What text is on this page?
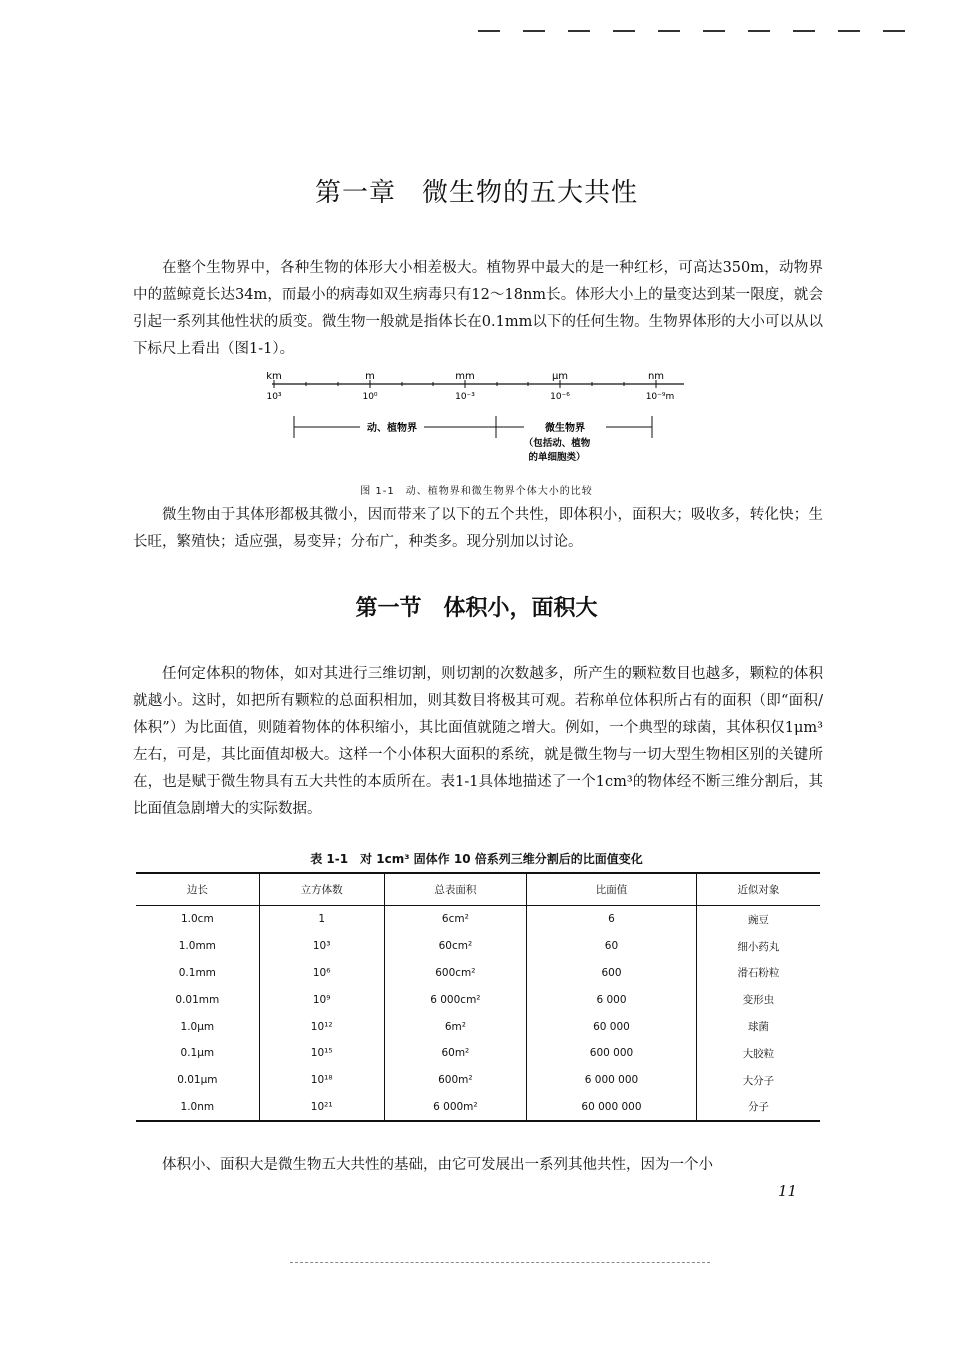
第一章 微生物的五大共性

在整个生物界中，各种生物的体形大小相差极大。植物界中最大的是一种红杉，可高达350m，动物界中的蓝鲸竟长达34m，而最小的病毒如双生病毒只有12～18nm长。体形大小上的量变达到某一限度，就会引起一系列其他性状的质变。微生物一般就是指体长在0.1mm以下的任何生物。生物界体形的大小可以从以下标尺上看出（图1-1）。

km	m	mm	μm	nm
10³	10⁰	10⁻³	10⁻⁶	10⁻⁹m
动、植物界	微生物界
（包括动、植物
的单细胞类）
图 1-1　动、植物界和微生物界个体大小的比较

微生物由于其体形都极其微小，因而带来了以下的五个共性，即体积小，面积大；吸收多，转化快；生长旺，繁殖快；适应强，易变异；分布广，种类多。现分别加以讨论。

第一节 体积小，面积大

任何定体积的物体，如对其进行三维切割，则切割的次数越多，所产生的颗粒数目也越多，颗粒的体积就越小。这时，如把所有颗粒的总面积相加，则其数目将极其可观。若称单位体积所占有的面积（即“面积/体积”）为比面值，则随着物体的体积缩小，其比面值就随之增大。例如，一个典型的球菌，其体积仅1μm³左右，可是，其比面值却极大。这样一个小体积大面积的系统，就是微生物与一切大型生物相区别的关键所在，也是赋于微生物具有五大共性的本质所在。表1-1具体地描述了一个1cm³的物体经不断三维分割后，其比面值急剧增大的实际数据。

表 1-1　对 1cm³ 固体作 10 倍系列三维分割后的比面值变化
边长	立方体数	总表面积	比面值	近似对象
1.0cm	1	6cm²	6	豌豆
1.0mm	10³	60cm²	60	细小药丸
0.1mm	10⁶	600cm²	600	滑石粉粒
0.01mm	10⁹	6 000cm²	6 000	变形虫
1.0μm	10¹²	6m²	60 000	球菌
0.1μm	10¹⁵	60m²	600 000	大胶粒
0.01μm	10¹⁸	600m²	6 000 000	大分子
1.0nm	10²¹	6 000m²	60 000 000	分子

体积小、面积大是微生物五大共性的基础，由它可发展出一系列其他共性，因为一个小

11
